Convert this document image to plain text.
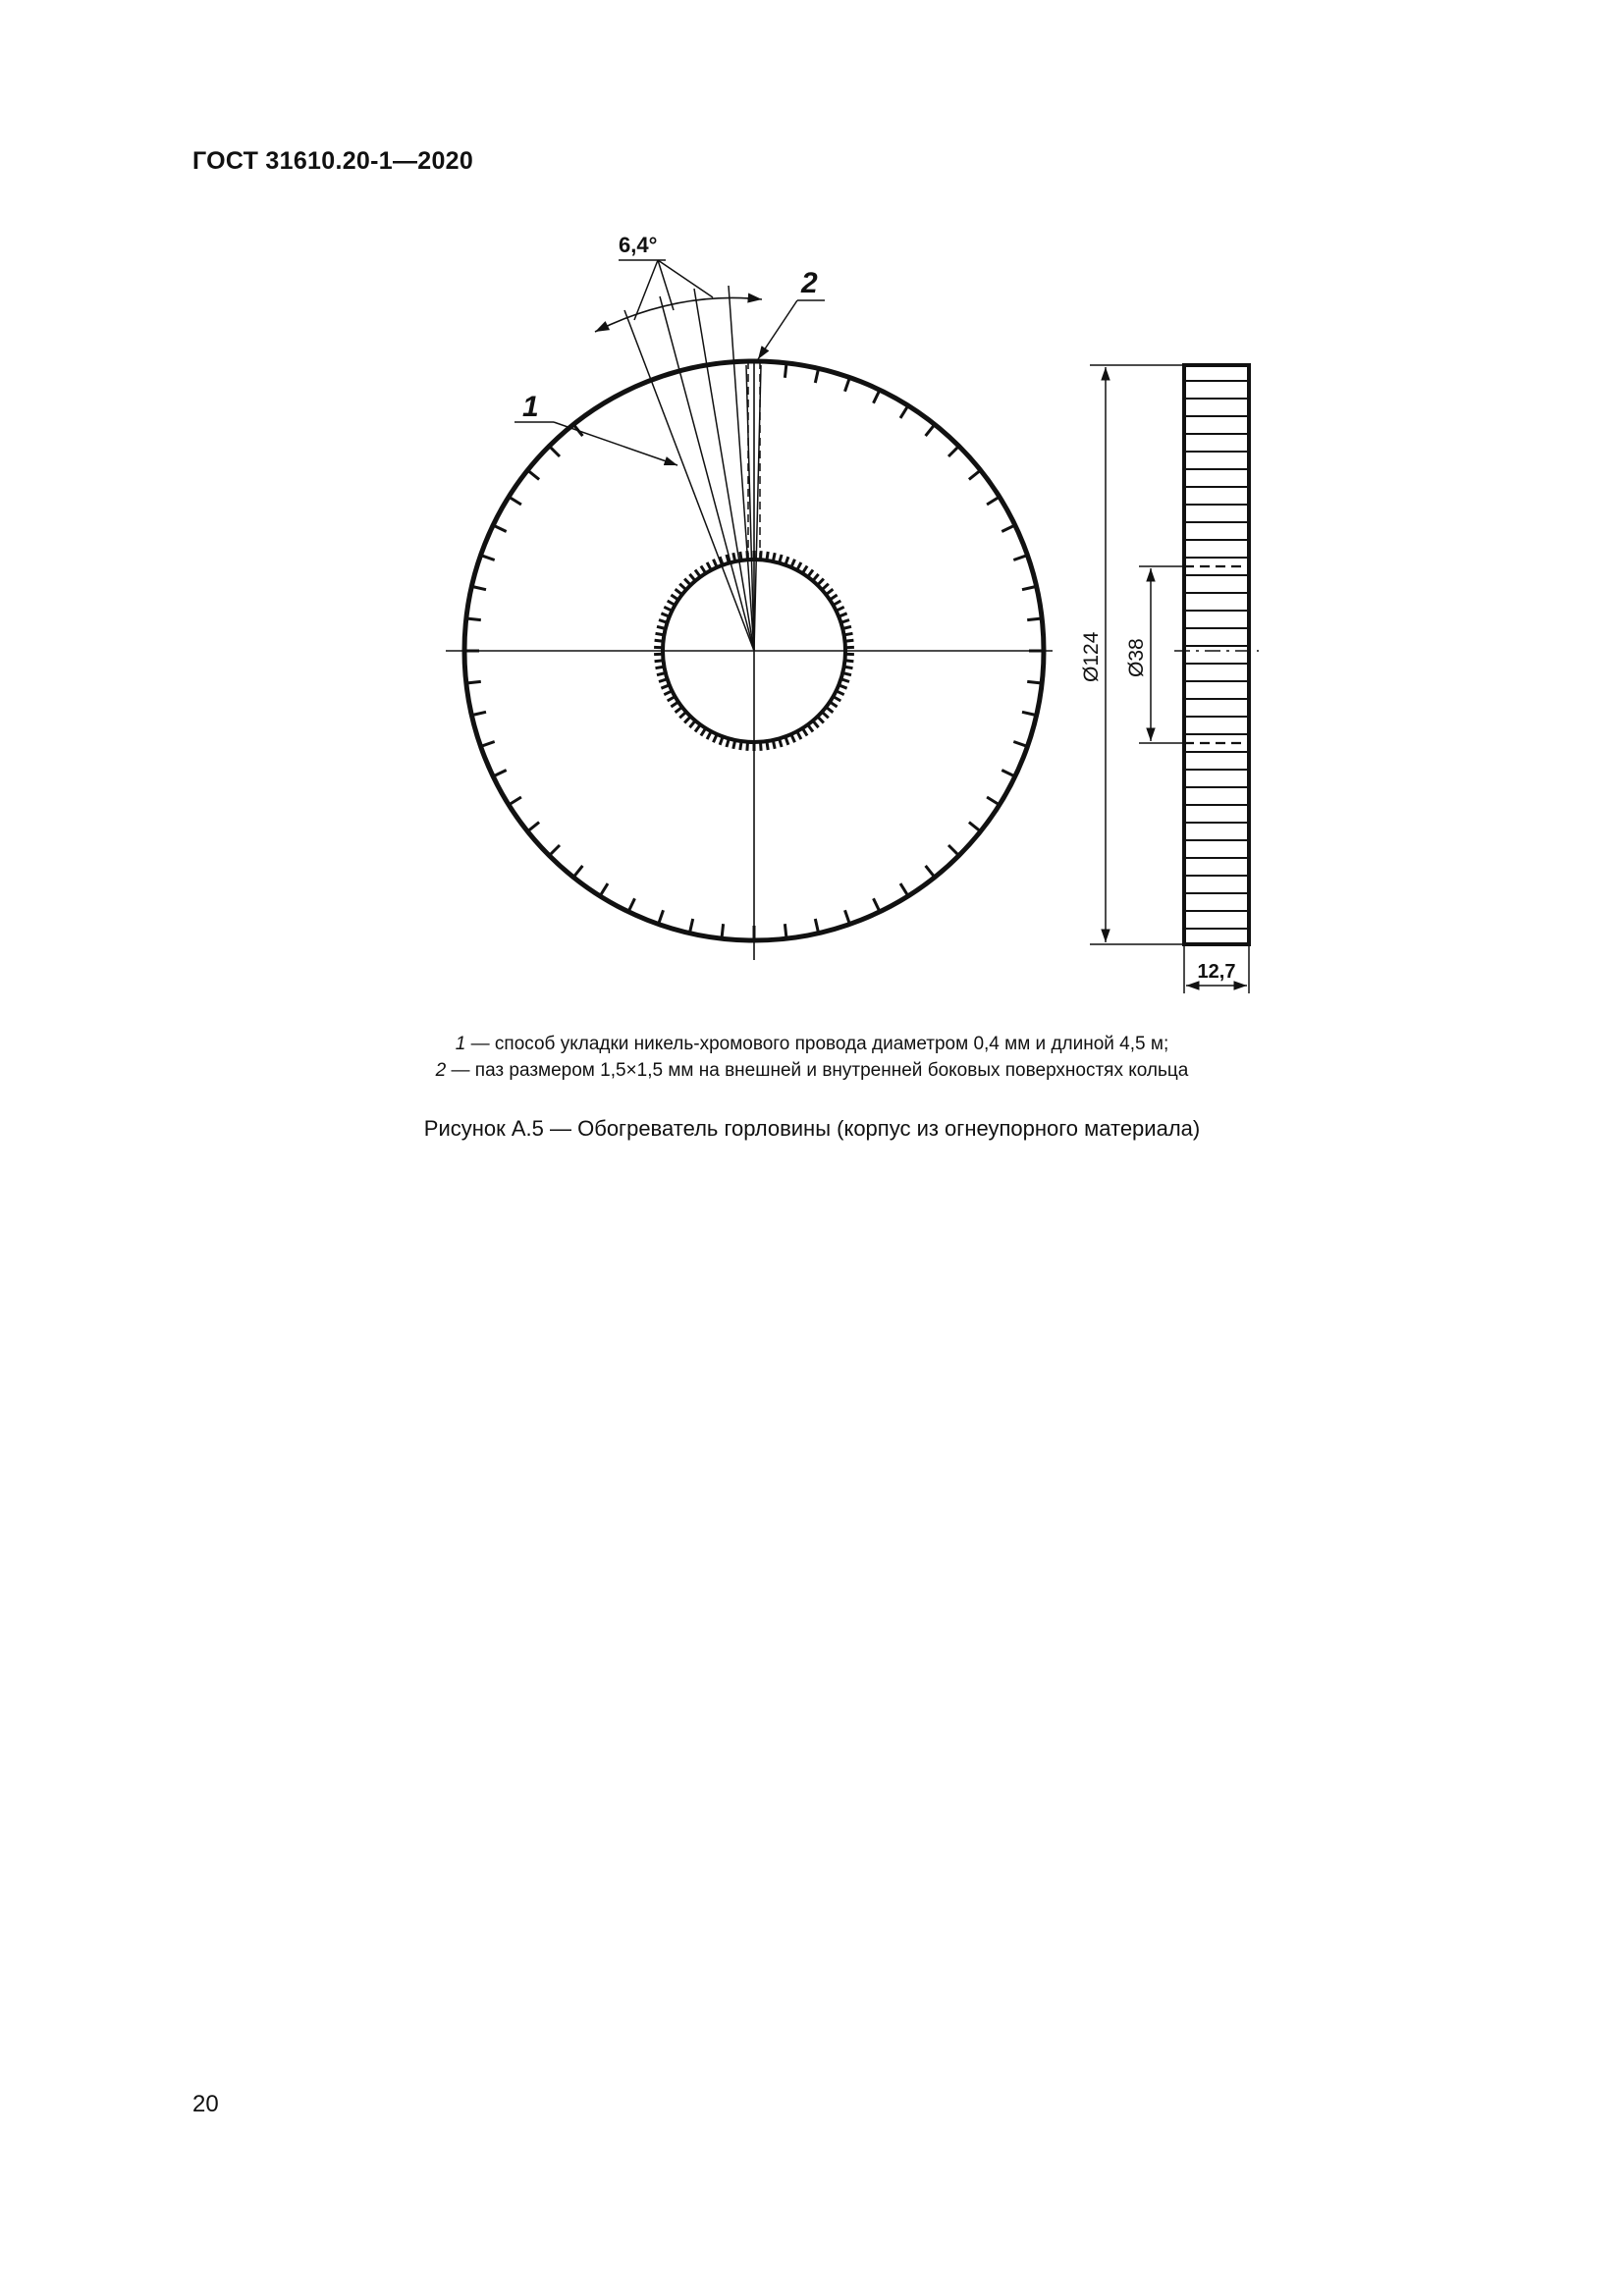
ГОСТ 31610.20-1—2020
6,4°
1
2
Ø124 Ø38
12,7
1 — способ укладки никель-хромового провода диаметром 0,4 мм и длиной 4,5 м;
2 — паз размером 1,5×1,5 мм на внешней и внутренней боковых поверхностях кольца
Рисунок А.5 — Обогреватель горловины (корпус из огнеупорного материала)
20
